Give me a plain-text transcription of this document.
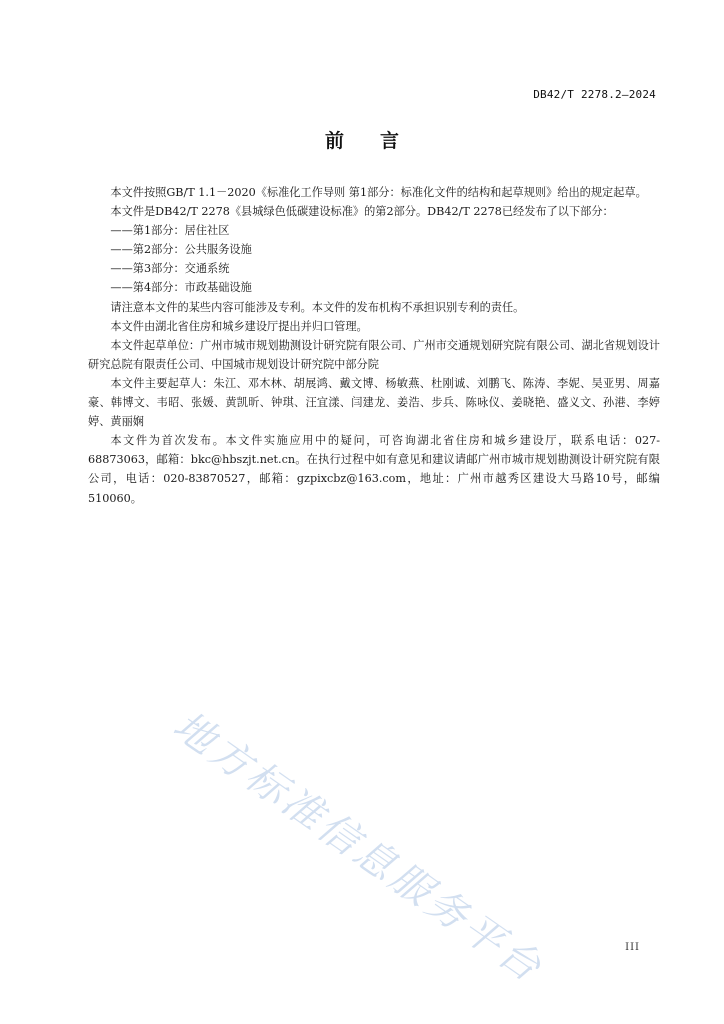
DB42/T 2278.2—2024
前言

本文件按照GB/T 1.1－2020《标准化工作导则 第1部分：标准化文件的结构和起草规则》给出的规定起草。

本文件是DB42/T 2278《县城绿色低碳建设标准》的第2部分。DB42/T 2278已经发布了以下部分：

——第1部分：居住社区

——第2部分：公共服务设施

——第3部分：交通系统

——第4部分：市政基础设施

请注意本文件的某些内容可能涉及专利。本文件的发布机构不承担识别专利的责任。

本文件由湖北省住房和城乡建设厅提出并归口管理。

本文件起草单位：广州市城市规划勘测设计研究院有限公司、广州市交通规划研究院有限公司、湖北省规划设计研究总院有限责任公司、中国城市规划设计研究院中部分院

本文件主要起草人：朱江、邓木林、胡展鸿、戴文博、杨敏燕、杜刚诚、刘鹏飞、陈涛、李妮、吴亚男、周嘉豪、韩博文、韦昭、张媛、黄凯昕、钟琪、汪宜漾、闫建龙、姜浩、步兵、陈咏仪、姜晓艳、盛义文、孙港、李婷婷、黄丽娴

本文件为首次发布。本文件实施应用中的疑问，可咨询湖北省住房和城乡建设厅，联系电话：027-68873063，邮箱：bkc@hbszjt.net.cn。在执行过程中如有意见和建议请邮广州市城市规划勘测设计研究院有限公司，电话：020-83870527，邮箱：gzpixcbz@163.com，地址：广州市越秀区建设大马路10号，邮编510060。

地方标准信息服务平台	III
